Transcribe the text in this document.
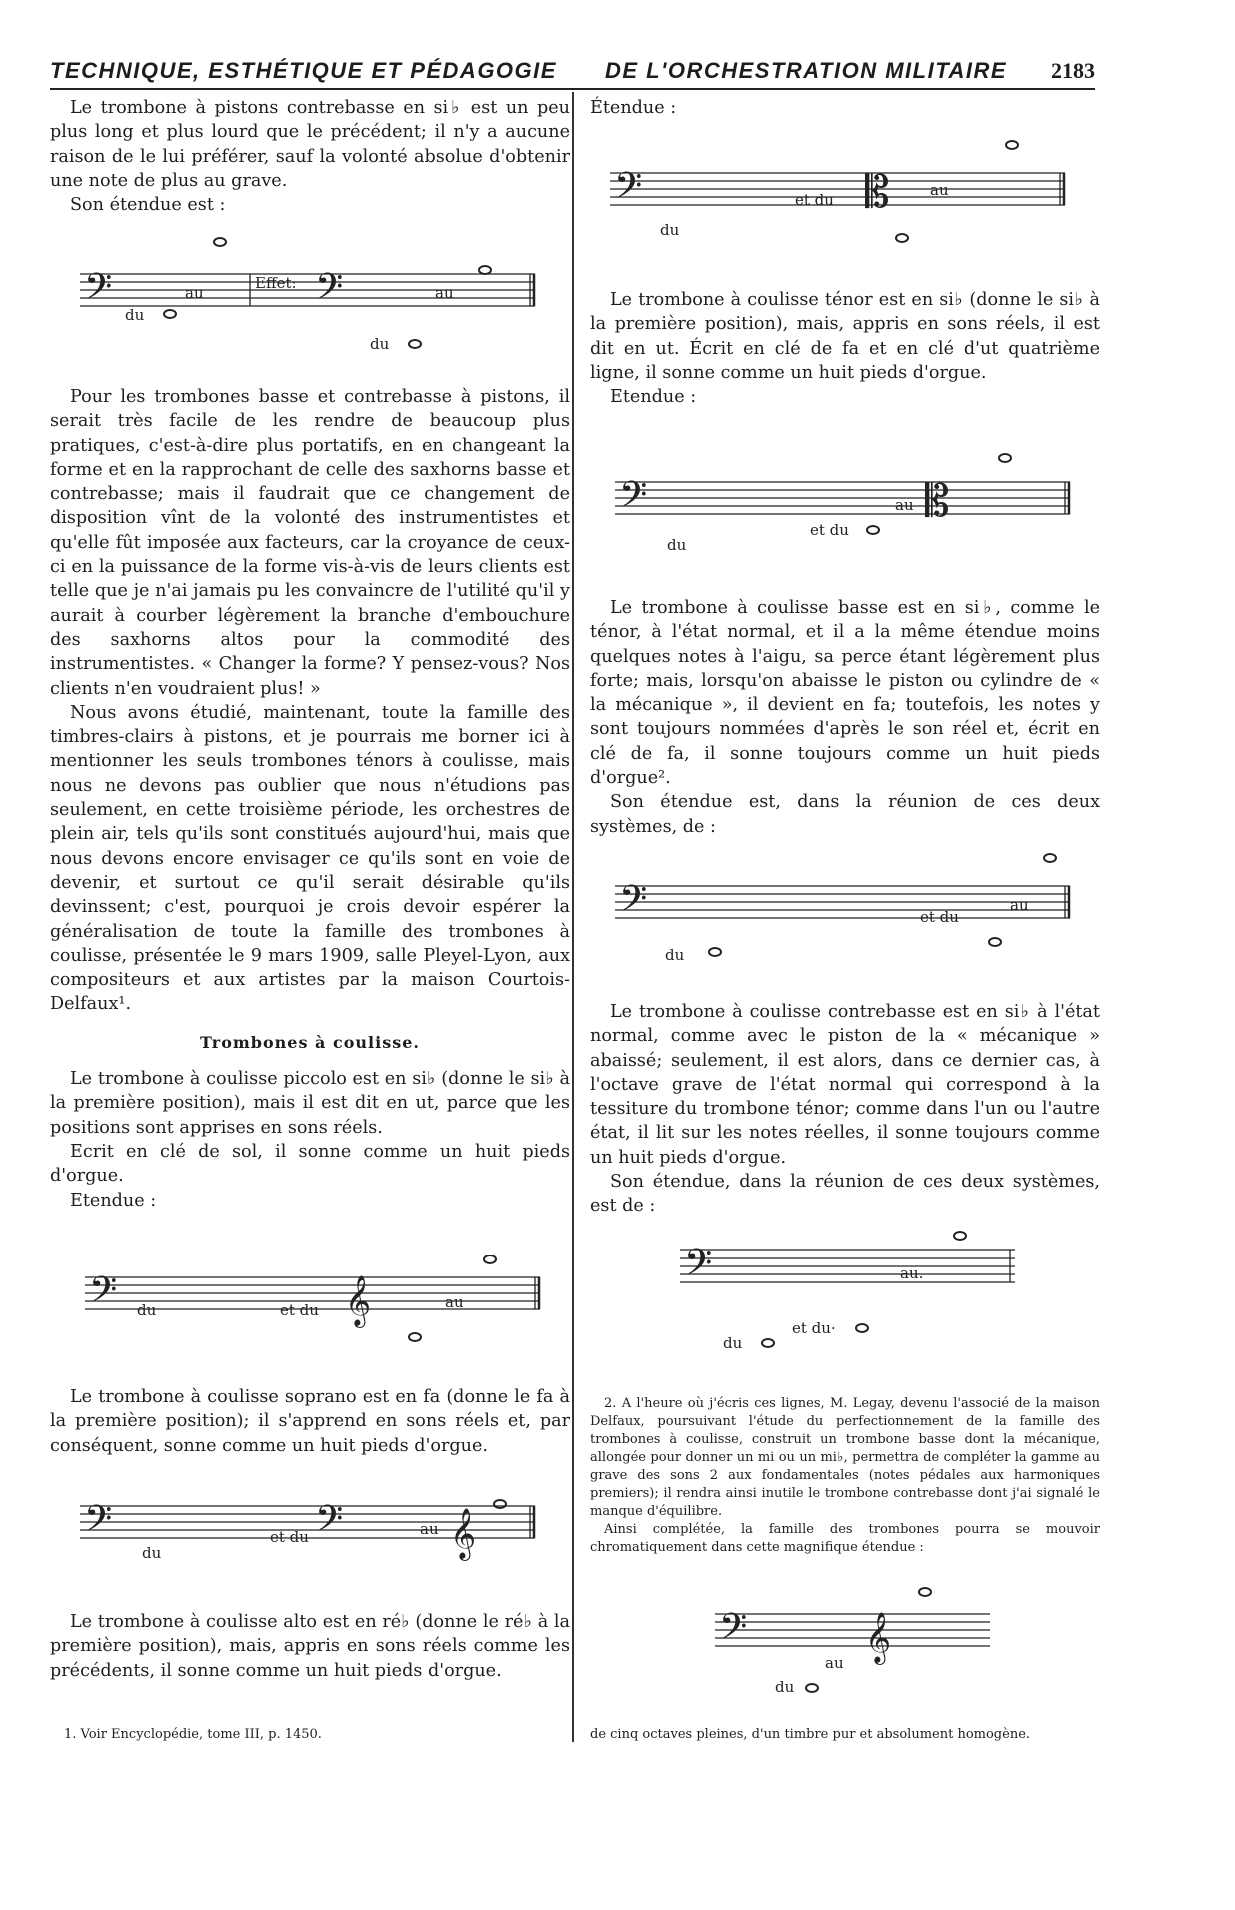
TECHNIQUE, ESTHÉTIQUE ET PÉDAGOGIE DE L'ORCHESTRATION MILITAIRE 2183

Le trombone à pistons contrebasse en si♭ est un peu plus long et plus lourd que le précédent; il n'y a aucune raison de le lui préférer, sauf la volonté absolue d'obtenir une note de plus au grave.

Son étendue est :

𝄢 du
au
Effet: 𝄢
du
au

Pour les trombones basse et contrebasse à pistons, il serait très facile de les rendre de beaucoup plus pratiques, c'est-à-dire plus portatifs, en en changeant la forme et en la rapprochant de celle des saxhorns basse et contrebasse; mais il faudrait que ce changement de disposition vînt de la volonté des instrumentistes et qu'elle fût imposée aux facteurs, car la croyance de ceux-ci en la puissance de la forme vis-à-vis de leurs clients est telle que je n'ai jamais pu les convaincre de l'utilité qu'il y aurait à courber légèrement la branche d'embouchure des saxhorns altos pour la commodité des instrumentistes. « Changer la forme? Y pensez-vous? Nos clients n'en voudraient plus! »

Nous avons étudié, maintenant, toute la famille des timbres-clairs à pistons, et je pourrais me borner ici à mentionner les seuls trombones ténors à coulisse, mais nous ne devons pas oublier que nous n'étudions pas seulement, en cette troisième période, les orchestres de plein air, tels qu'ils sont constitués aujourd'hui, mais que nous devons encore envisager ce qu'ils sont en voie de devenir, et surtout ce qu'il serait désirable qu'ils devinssent; c'est, pourquoi je crois devoir espérer la généralisation de toute la famille des trombones à coulisse, présentée le 9 mars 1909, salle Pleyel-Lyon, aux compositeurs et aux artistes par la maison Courtois-Delfaux¹.

Trombones à coulisse.

Le trombone à coulisse piccolo est en si♭ (donne le si♭ à la première position), mais il est dit en ut, parce que les positions sont apprises en sons réels.

Ecrit en clé de sol, il sonne comme un huit pieds d'orgue.

Etendue :

𝄢 du	et du 𝄞	au

Le trombone à coulisse soprano est en fa (donne le fa à la première position); il s'apprend en sons réels et, par conséquent, sonne comme un huit pieds d'orgue.

𝄢
du
et du 𝄢	au 𝄞

Le trombone à coulisse alto est en ré♭ (donne le ré♭ à la première position), mais, appris en sons réels comme les précédents, il sonne comme un huit pieds d'orgue.

1. Voir Encyclopédie, tome III, p. 1450.

Étendue :

𝄢
du
et du 𝄡	au

Le trombone à coulisse ténor est en si♭ (donne le si♭ à la première position), mais, appris en sons réels, il est dit en ut. Écrit en clé de fa et en clé d'ut quatrième ligne, il sonne comme un huit pieds d'orgue.

Etendue :

𝄢
du
et du
au 𝄡

Le trombone à coulisse basse est en si♭, comme le ténor, à l'état normal, et il a la même étendue moins quelques notes à l'aigu, sa perce étant légèrement plus forte; mais, lorsqu'on abaisse le piston ou cylindre de « la mécanique », il devient en fa; toutefois, les notes y sont toujours nommées d'après le son réel et, écrit en clé de fa, il sonne toujours comme un huit pieds d'orgue².

Son étendue est, dans la réunion de ces deux systèmes, de :

𝄢
du
et du
au

Le trombone à coulisse contrebasse est en si♭ à l'état normal, comme avec le piston de la « mécanique » abaissé; seulement, il est alors, dans ce dernier cas, à l'octave grave de l'état normal qui correspond à la tessiture du trombone ténor; comme dans l'un ou l'autre état, il lit sur les notes réelles, il sonne toujours comme un huit pieds d'orgue.

Son étendue, dans la réunion de ces deux systèmes, est de :

𝄢
du
et du·
au.

2. A l'heure où j'écris ces lignes, M. Legay, devenu l'associé de la maison Delfaux, poursuivant l'étude du perfectionnement de la famille des trombones à coulisse, construit un trombone basse dont la mécanique, allongée pour donner un mi ou un mi♭, permettra de compléter la gamme au grave des sons 2 aux fondamentales (notes pédales aux harmoniques premiers); il rendra ainsi inutile le trombone contrebasse dont j'ai signalé le manque d'équilibre.

Ainsi complétée, la famille des trombones pourra se mouvoir chromatiquement dans cette magnifique étendue :

𝄢	𝄞
au
du

de cinq octaves pleines, d'un timbre pur et absolument homogène.
